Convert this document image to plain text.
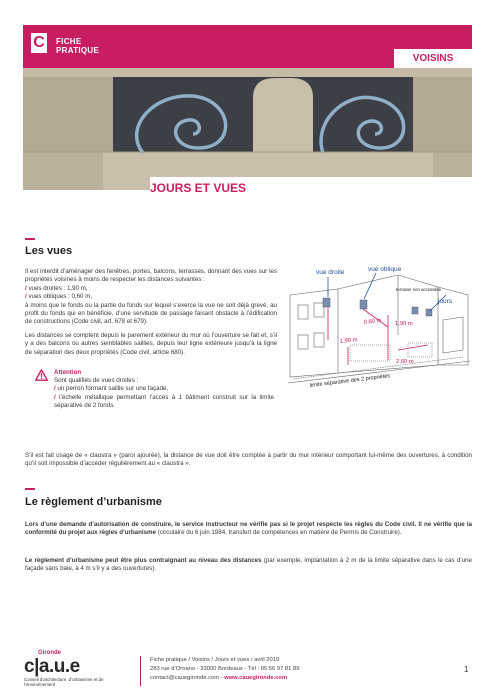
C FICHE
PRATIQUE
VOISINS
JOURS ET VUES
Les vues
Il est interdit d’aménager des fenêtres, portes, balcons, terrasses, donnant des vues sur les propriétés voisines à moins de respecter les distances suivantes :
/ vues droites : 1,90 m,
/ vues obliques : 0,60 m,
à moins que le fonds ou la partie du fonds sur lequel s’exerce la vue ne soit déjà grevé, au profit du fonds qui en bénéficie, d’une servitude de passage faisant obstacle à l’édification de constructions (Code civil, art. 678 et 679).
Les distances se comptent depuis le parement extérieur du mur où l’ouverture se fait et, s’il y a des balcons ou autres semblables saillies, depuis leur ligne extérieure jusqu’à la ligne de séparation des deux propriétés (Code civil, article 680).
Attention
Sont qualifiés de vues droites :
/ un perron formant saillie sur une façade,
/ l’échelle métallique permettant l’accès à 1 bâtiment construit sur la limite séparative de 2 fonds.
S’il est fait usage de « claustra » (paroi ajourée), la distance de vue doit être comptée à partir du mur intérieur comportant lui-même des ouvertures, à condition qu’il soit impossible d’accéder régulièrement au « claustra ».
vue droite	vue oblique
terrasse non accessible
jours
0,60 m 1,90 m
1,90 m
2,60 m
limite séparative des 2 propriétés
Le règlement d’urbanisme
Lors d’une demande d’autorisation de construire, le service instructeur ne vérifie pas si le projet respecte les règles du Code civil. Il ne vérifie que la conformité du projet aux règles d’urbanisme (circulaire du 6 juin 1984, transfert de compétences en matière de Permis de Construire).
Le règlement d’urbanisme peut être plus contraignant au niveau des distances (par exemple, implantation à 2 m de la limite séparative dans le cas d’une façade sans baie, à 4 m s’il y a des ouvertures).
Gironde
c|a.u.e
Conseil d’architecture, d’urbanisme et de l’environnement
Fiche pratique / Voisins / Jours et vues / avril 2019
283 rue d’Ornano - 33000 Bordeaux - Tél : 05 56 97 81 89
contact@cauegironde.com - www.cauegironde.com
1
